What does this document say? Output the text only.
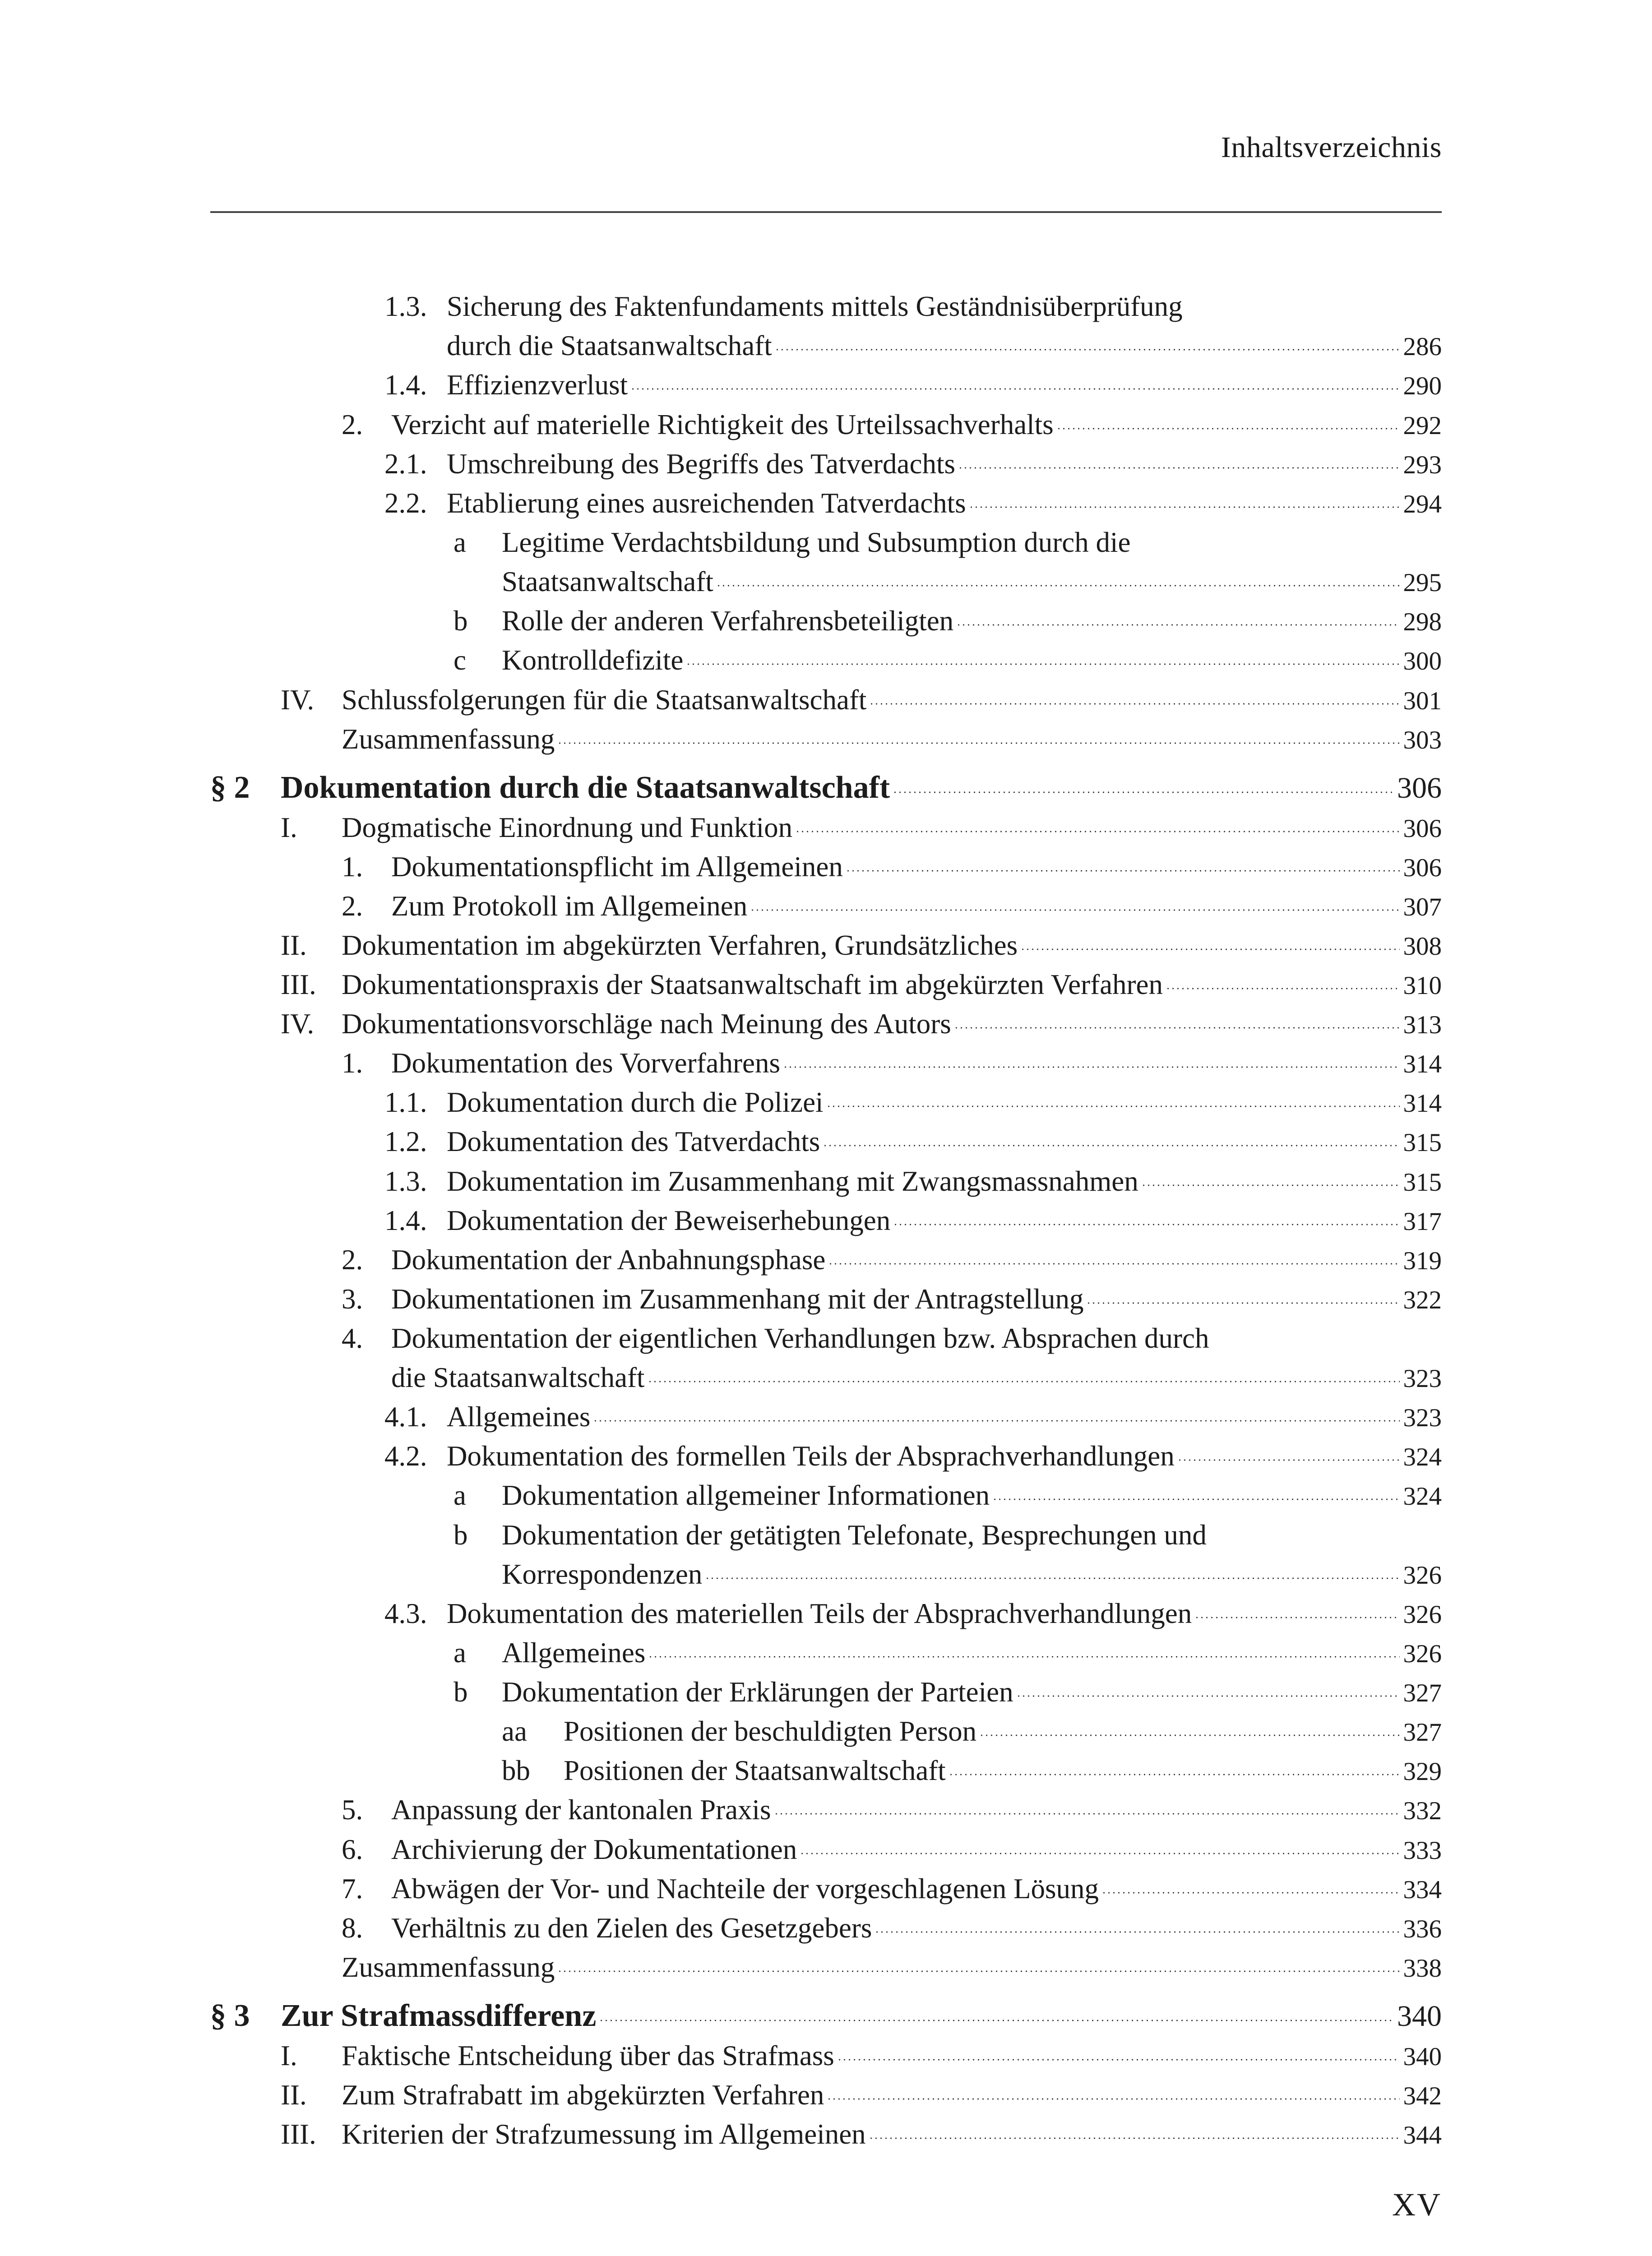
Inhaltsverzeichnis
1.3. Sicherung des Faktenfundaments mittels Geständnisüberprüfung
durch die Staatsanwaltschaft	286
1.4. Effizienzverlust	290
2. Verzicht auf materielle Richtigkeit des Urteilssachverhalts	292
2.1. Umschreibung des Begriffs des Tatverdachts	293
2.2. Etablierung eines ausreichenden Tatverdachts	294
a Legitime Verdachtsbildung und Subsumption durch die
Staatsanwaltschaft	295
b Rolle der anderen Verfahrensbeteiligten	298
c Kontrolldefizite	300
IV. Schlussfolgerungen für die Staatsanwaltschaft	301
Zusammenfassung	303
§ 2 Dokumentation durch die Staatsanwaltschaft	306
I. Dogmatische Einordnung und Funktion	306
1. Dokumentationspflicht im Allgemeinen	306
2. Zum Protokoll im Allgemeinen	307
II. Dokumentation im abgekürzten Verfahren, Grundsätzliches	308
III. Dokumentationspraxis der Staatsanwaltschaft im abgekürzten Verfahren	310
IV. Dokumentationsvorschläge nach Meinung des Autors	313
1. Dokumentation des Vorverfahrens	314
1.1. Dokumentation durch die Polizei	314
1.2. Dokumentation des Tatverdachts	315
1.3. Dokumentation im Zusammenhang mit Zwangsmassnahmen	315
1.4. Dokumentation der Beweiserhebungen	317
2. Dokumentation der Anbahnungsphase	319
3. Dokumentationen im Zusammenhang mit der Antragstellung	322
4. Dokumentation der eigentlichen Verhandlungen bzw. Absprachen durch
die Staatsanwaltschaft	323
4.1. Allgemeines	323
4.2. Dokumentation des formellen Teils der Absprachverhandlungen	324
a Dokumentation allgemeiner Informationen	324
b Dokumentation der getätigten Telefonate, Besprechungen und
Korrespondenzen	326
4.3. Dokumentation des materiellen Teils der Absprachverhandlungen	326
a Allgemeines	326
b Dokumentation der Erklärungen der Parteien	327
aa Positionen der beschuldigten Person	327
bb Positionen der Staatsanwaltschaft	329
5. Anpassung der kantonalen Praxis	332
6. Archivierung der Dokumentationen	333
7. Abwägen der Vor- und Nachteile der vorgeschlagenen Lösung	334
8. Verhältnis zu den Zielen des Gesetzgebers	336
Zusammenfassung	338
§ 3 Zur Strafmassdifferenz	340
I. Faktische Entscheidung über das Strafmass	340
II. Zum Strafrabatt im abgekürzten Verfahren	342
III. Kriterien der Strafzumessung im Allgemeinen	344
XV
